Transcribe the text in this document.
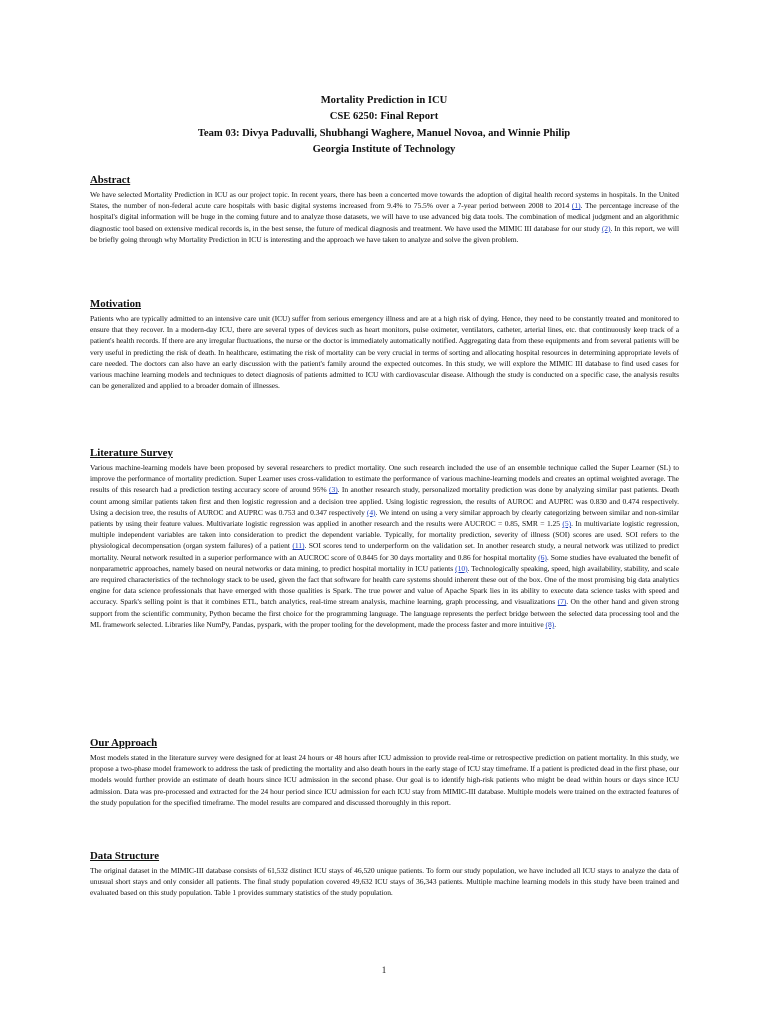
Mortality Prediction in ICU
CSE 6250: Final Report
Team 03: Divya Paduvalli, Shubhangi Waghere, Manuel Novoa, and Winnie Philip
Georgia Institute of Technology
Abstract

We have selected Mortality Prediction in ICU as our project topic. In recent years, there has been a concerted move towards the adoption of digital health record systems in hospitals. In the United States, the number of non-federal acute care hospitals with basic digital systems increased from 9.4% to 75.5% over a 7-year period between 2008 to 2014 (1). The percentage increase of the hospital's digital information will be huge in the coming future and to analyze those datasets, we will have to use advanced big data tools. The combination of medical judgment and an algorithmic diagnostic tool based on extensive medical records is, in the best sense, the future of medical diagnosis and treatment. We have used the MIMIC III database for our study (2). In this report, we will be briefly going through why Mortality Prediction in ICU is interesting and the approach we have taken to analyze and solve the given problem.

Motivation

Patients who are typically admitted to an intensive care unit (ICU) suffer from serious emergency illness and are at a high risk of dying. Hence, they need to be constantly treated and monitored to ensure that they recover. In a modern-day ICU, there are several types of devices such as heart monitors, pulse oximeter, ventilators, catheter, arterial lines, etc. that continuously keep track of a patient's health records. If there are any irregular fluctuations, the nurse or the doctor is immediately automatically notified. Aggregating data from these equipments and from several patients will be very useful in predicting the risk of death. In healthcare, estimating the risk of mortality can be very crucial in terms of sorting and allocating hospital resources in determining appropriate levels of care needed. The doctors can also have an early discussion with the patient's family around the expected outcomes. In this study, we will explore the MIMIC III database to find used cases for various machine learning models and techniques to detect diagnosis of patients admitted to ICU with cardiovascular disease. Although the study is conducted on a specific case, the analysis results can be generalized and applied to a broader domain of illnesses.

Literature Survey

Various machine-learning models have been proposed by several researchers to predict mortality. One such research included the use of an ensemble technique called the Super Learner (SL) to improve the performance of mortality prediction. Super Learner uses cross-validation to estimate the performance of various machine-learning models and creates an optimal weighted average. The results of this research had a prediction testing accuracy score of around 95% (3). In another research study, personalized mortality prediction was done by analyzing similar past patients. Death count among similar patients taken first and then logistic regression and a decision tree applied. Using logistic regression, the results of AUROC and AUPRC was 0.830 and 0.474 respectively. Using a decision tree, the results of AUROC and AUPRC was 0.753 and 0.347 respectively (4). We intend on using a very similar approach by clearly categorizing between similar and non-similar patients by using their feature values. Multivariate logistic regression was applied in another research and the results were AUCROC = 0.85, SMR = 1.25 (5). In multivariate logistic regression, multiple independent variables are taken into consideration to predict the dependent variable. Typically, for mortality prediction, severity of illness (SOI) scores are used. SOI refers to the physiological decompensation (organ system failures) of a patient (11). SOI scores tend to underperform on the validation set. In another research study, a neural network was utilized to predict mortality. Neural network resulted in a superior performance with an AUCROC score of 0.8445 for 30 days mortality and 0.86 for hospital mortality (6). Some studies have evaluated the benefit of nonparametric approaches, namely based on neural networks or data mining, to predict hospital mortality in ICU patients (10). Technologically speaking, speed, high availability, stability, and scale are required characteristics of the technology stack to be used, given the fact that software for health care systems should inherent these out of the box. One of the most promising big data analytics engine for data science professionals that have emerged with those qualities is Spark. The true power and value of Apache Spark lies in its ability to execute data science tasks with speed and accuracy. Spark's selling point is that it combines ETL, batch analytics, real-time stream analysis, machine learning, graph processing, and visualizations (7). On the other hand and given strong support from the scientific community, Python became the first choice for the programming language. The language represents the perfect bridge between the selected data processing tool and the ML framework selected. Libraries like NumPy, Pandas, pyspark, with the proper tooling for the development, made the process faster and more intuitive (8).

Our Approach

Most models stated in the literature survey were designed for at least 24 hours or 48 hours after ICU admission to provide real-time or retrospective prediction on patient mortality. In this study, we propose a two-phase model framework to address the task of predicting the mortality and also death hours in the early stage of ICU stay timeframe. If a patient is predicted dead in the first phase, our models would further provide an estimate of death hours since ICU admission in the second phase. Our goal is to identify high-risk patients who might be dead within hours or days since ICU admission. Data was pre-processed and extracted for the 24 hour period since ICU admission for each ICU stay from MIMIC-III database. Multiple models were trained on the extracted features of the study population for the specified timeframe. The model results are compared and discussed thoroughly in this report.

Data Structure

The original dataset in the MIMIC-III database consists of 61,532 distinct ICU stays of 46,520 unique patients. To form our study population, we have included all ICU stays to analyze the data of unusual short stays and only consider all patients. The final study population covered 49,632 ICU stays of 36,343 patients. Multiple machine learning models in this study have been trained and evaluated based on this study population. Table 1 provides summary statistics of the study population.

1
